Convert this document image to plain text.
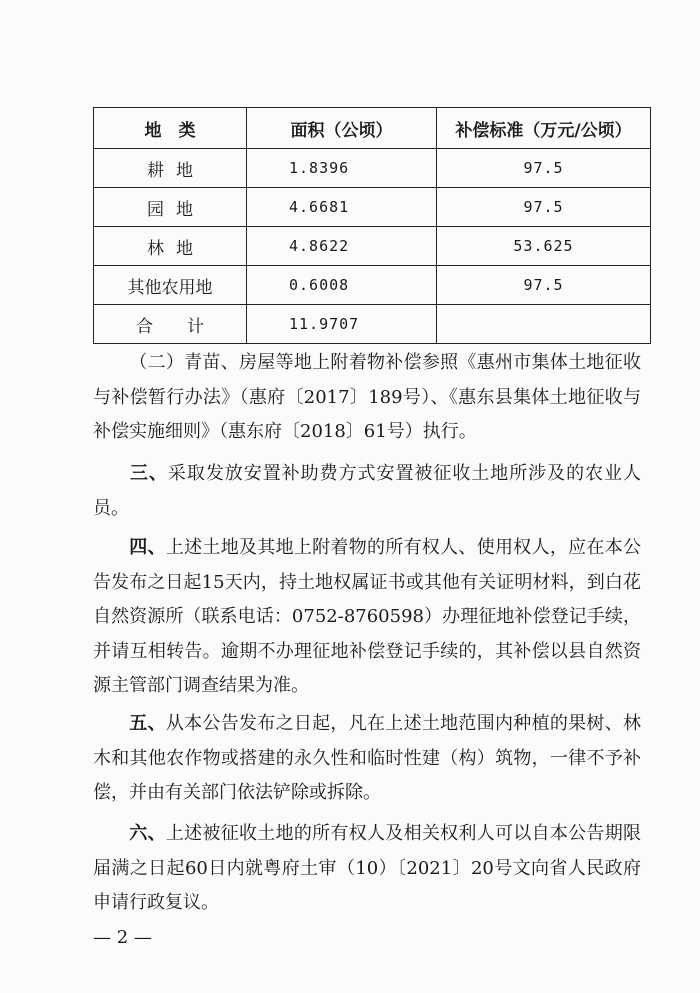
地　类	面积（公顷）	补偿标准（万元/公顷）
耕地	1.8396	97.5
园地	4.6681	97.5
林地	4.8622	53.625
其他农用地	0.6008	97.5
合计	11.9707	

（二）青苗、房屋等地上附着物补偿参照《惠州市集体土地征收与补偿暂行办法》（惠府〔2017〕189号）、《惠东县集体土地征收与补偿实施细则》（惠东府〔2018〕61号）执行。

三、采取发放安置补助费方式安置被征收土地所涉及的农业人员。

四、上述土地及其地上附着物的所有权人、使用权人，应在本公告发布之日起15天内，持土地权属证书或其他有关证明材料，到白花自然资源所（联系电话：0752-8760598）办理征地补偿登记手续，并请互相转告。逾期不办理征地补偿登记手续的，其补偿以县自然资源主管部门调查结果为准。

五、从本公告发布之日起，凡在上述土地范围内种植的果树、林木和其他农作物或搭建的永久性和临时性建（构）筑物，一律不予补偿，并由有关部门依法铲除或拆除。

六、上述被征收土地的所有权人及相关权利人可以自本公告期限届满之日起60日内就粤府土审（10）〔2021〕20号文向省人民政府申请行政复议。

— 2 —
